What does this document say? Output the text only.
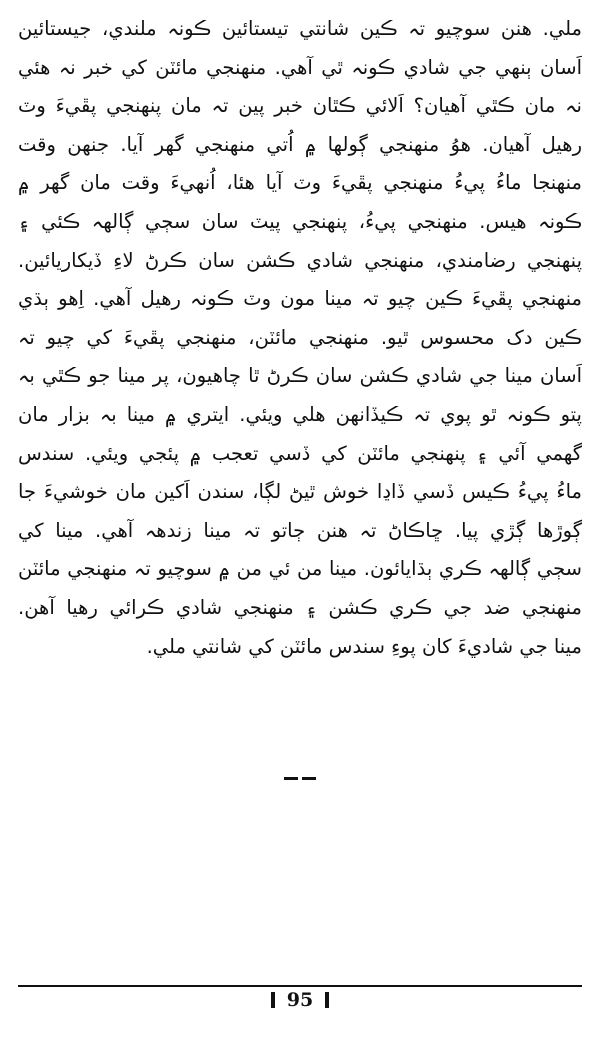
ملي. هنن سوچيو تہ ڪين شانتي تيستائين ڪونہ ملندي، جيستائين
اَسان ٻنهي جي شادي ڪونہ ٿي آهي. منهنجي مائٽن کي خبر نہ هئي
نہ مان ڪٿي آهيان؟ اَلائي ڪٿان خبر پين تہ مان پنهنجي پڦيءَ وٽ
رهيل آهيان. هوُ منهنجي ڳولها ۾ اُتي منهنجي گهر آيا. جنهن وقت
منهنجا ماءُ پيءُ منهنجي پڦيءَ وٽ آيا هئا، اُنهيءَ وقت مان گهر ۾
ڪونہ هيس. منهنجي پيءُ، پنهنجي پيٽ سان سڄي ڳالهہ ڪئي ۽
پنهنجي رضامندي، منهنجي شادي ڪشن سان ڪرڻ لاءِ ڏيکاريائين.
منهنجي پڦيءَ ڪين چيو تہ مينا مون وٽ ڪونہ رهيل آهي. اِهو ٻڌي
ڪين دک محسوس ٿيو. منهنجي مائٽن، منهنجي پڦيءَ کي چيو تہ
اَسان مينا جي شادي ڪشن سان ڪرڻ ٿا چاهيون، پر مينا جو ڪٿي بہ
پتو ڪونہ ٿو پوي تہ ڪيڏانهن هلي ويئي. ايتري ۾ مينا بہ بزار مان
گهمي آئي ۽ پنهنجي مائٽن کي ڏسي تعجب ۾ پئجي ويئي. سندس
ماءُ پيءُ ڪيس ڏسي ڏاڍا خوش ٿيڻ لڳا، سندن اَکين مان خوشيءَ جا
ڳوڙها ڳڙي پيا. ڇاڪاڻ تہ هنن ڄاتو تہ مينا زندهہ آهي. مينا کي
سڄي ڳالهہ ڪري ٻڌايائون. مينا من ئي من ۾ سوچيو تہ منهنجي مائٽن
منهنجي ضد جي ڪري ڪشن ۽ منهنجي شادي ڪرائي رهيا آهن.
مينا جي شاديءَ کان پوءِ سندس مائٽن کي شانتي ملي.
95
